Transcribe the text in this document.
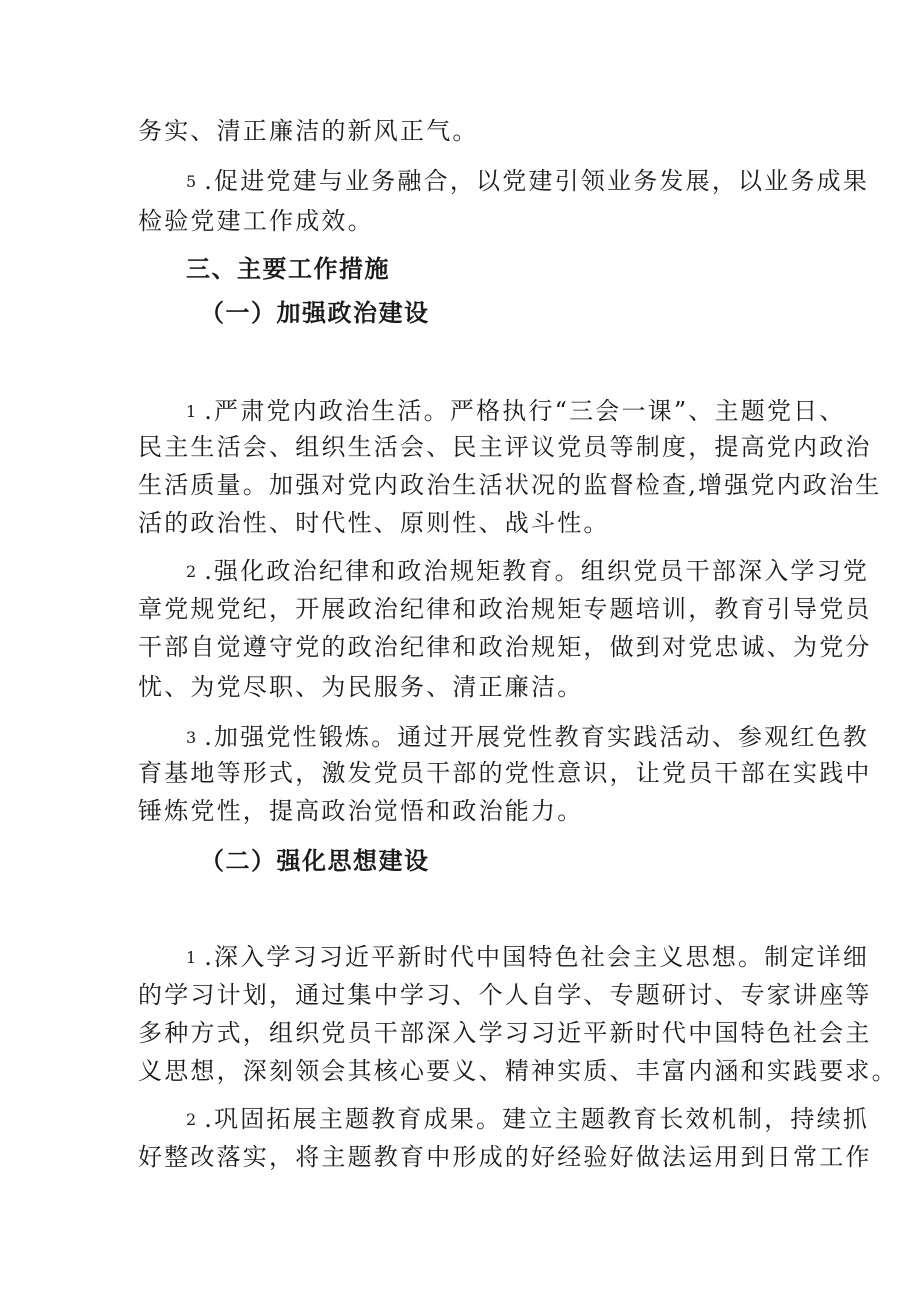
务实、清正廉洁的新风正气。
5 .促进党建与业务融合，以党建引领业务发展，以业务成果
检验党建工作成效。
三、主要工作措施
（一）加强政治建设
1 .严肃党内政治生活。严格执行“三会一课”、主题党日、
民主生活会、组织生活会、民主评议党员等制度，提高党内政治
生活质量。加强对党内政治生活状况的监督检查,增强党内政治生
活的政治性、时代性、原则性、战斗性。
2 .强化政治纪律和政治规矩教育。组织党员干部深入学习党
章党规党纪，开展政治纪律和政治规矩专题培训，教育引导党员
干部自觉遵守党的政治纪律和政治规矩，做到对党忠诚、为党分
忧、为党尽职、为民服务、清正廉洁。
3 .加强党性锻炼。通过开展党性教育实践活动、参观红色教
育基地等形式，激发党员干部的党性意识，让党员干部在实践中
锤炼党性，提高政治觉悟和政治能力。
（二）强化思想建设
1 .深入学习习近平新时代中国特色社会主义思想。制定详细
的学习计划，通过集中学习、个人自学、专题研讨、专家讲座等
多种方式，组织党员干部深入学习习近平新时代中国特色社会主
义思想，深刻领会其核心要义、精神实质、丰富内涵和实践要求。
2 .巩固拓展主题教育成果。建立主题教育长效机制，持续抓
好整改落实，将主题教育中形成的好经验好做法运用到日常工作
